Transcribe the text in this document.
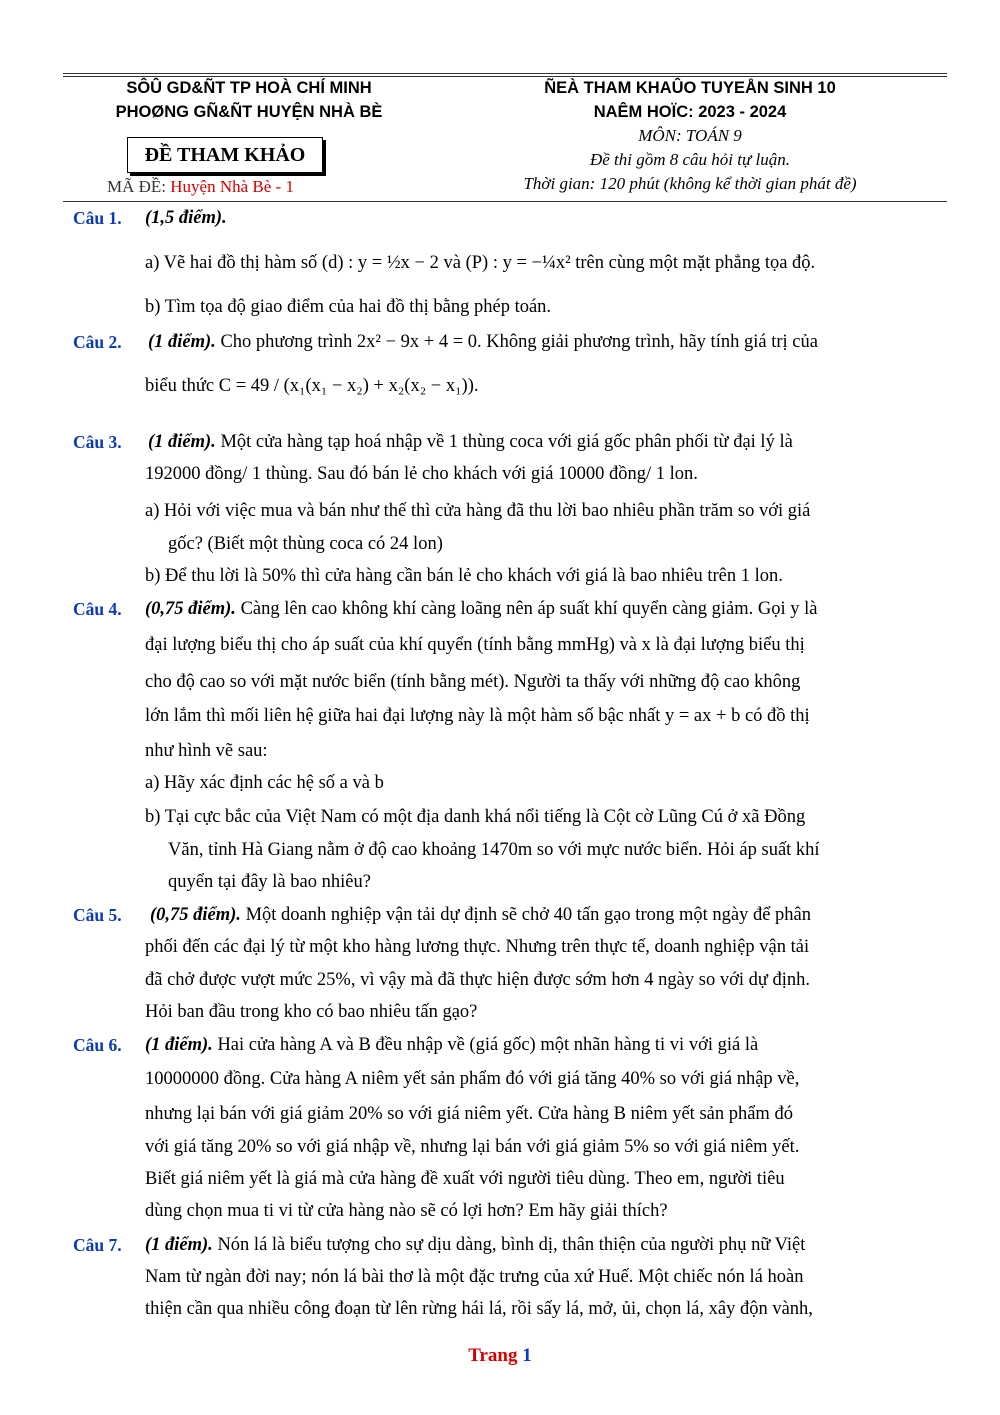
SÔÛ GD&ÑT TP HOÀ CHÍ MINH
PHOØNG GÑ&ÑT HUYỆN NHÀ BÈ
ĐỀ THAM KHẢO
MÃ ĐỀ: Huyện Nhà Bè - 1
ÑEÀ THAM KHAÛO TUYEÅN SINH 10
NAÊM HOÏC: 2023 - 2024
MÔN: TOÁN 9
Đề thi gồm 8 câu hỏi tự luận.
Thời gian: 120 phút (không kể thời gian phát đề)
Câu 1. (1,5 điểm).
a) Vẽ hai đồ thị hàm số (d) : y = ½x − 2 và (P) : y = −¼x² trên cùng một mặt phẳng tọa độ.
b) Tìm tọa độ giao điểm của hai đồ thị bằng phép toán.
Câu 2. (1 điểm). Cho phương trình 2x² − 9x + 4 = 0. Không giải phương trình, hãy tính giá trị của
biểu thức C = 49 / (x₁(x₁ − x₂) + x₂(x₂ − x₁)).
Câu 3. (1 điểm). Một cửa hàng tạp hoá nhập về 1 thùng coca với giá gốc phân phối từ đại lý là
192000 đồng/ 1 thùng. Sau đó bán lẻ cho khách với giá 10000 đồng/ 1 lon.
a) Hỏi với việc mua và bán như thế thì cửa hàng đã thu lời bao nhiêu phần trăm so với giá
gốc? (Biết một thùng coca có 24 lon)
b) Để thu lời là 50% thì cửa hàng cần bán lẻ cho khách với giá là bao nhiêu trên 1 lon.
Câu 4. (0,75 điểm). Càng lên cao không khí càng loãng nên áp suất khí quyển càng giảm. Gọi y là
đại lượng biểu thị cho áp suất của khí quyển (tính bằng mmHg) và x là đại lượng biểu thị
cho độ cao so với mặt nước biển (tính bằng mét). Người ta thấy với những độ cao không
lớn lắm thì mối liên hệ giữa hai đại lượng này là một hàm số bậc nhất y = ax + b có đồ thị
như hình vẽ sau:
a) Hãy xác định các hệ số a và b
b) Tại cực bắc của Việt Nam có một địa danh khá nổi tiếng là Cột cờ Lũng Cú ở xã Đồng
Văn, tỉnh Hà Giang nằm ở độ cao khoảng 1470m so với mực nước biển. Hỏi áp suất khí
quyển tại đây là bao nhiêu?
Câu 5. (0,75 điểm). Một doanh nghiệp vận tải dự định sẽ chở 40 tấn gạo trong một ngày để phân
phối đến các đại lý từ một kho hàng lương thực. Nhưng trên thực tế, doanh nghiệp vận tải
đã chở được vượt mức 25%, vì vậy mà đã thực hiện được sớm hơn 4 ngày so với dự định.
Hỏi ban đầu trong kho có bao nhiêu tấn gạo?
Câu 6. (1 điểm). Hai cửa hàng A và B đều nhập về (giá gốc) một nhãn hàng ti vi với giá là
10000000 đồng. Cửa hàng A niêm yết sản phẩm đó với giá tăng 40% so với giá nhập về,
nhưng lại bán với giá giảm 20% so với giá niêm yết. Cửa hàng B niêm yết sản phẩm đó
với giá tăng 20% so với giá nhập về, nhưng lại bán với giá giảm 5% so với giá niêm yết.
Biết giá niêm yết là giá mà cửa hàng đề xuất với người tiêu dùng. Theo em, người tiêu
dùng chọn mua ti vi từ cửa hàng nào sẽ có lợi hơn? Em hãy giải thích?
Câu 7. (1 điểm). Nón lá là biểu tượng cho sự dịu dàng, bình dị, thân thiện của người phụ nữ Việt
Nam từ ngàn đời nay; nón lá bài thơ là một đặc trưng của xứ Huế. Một chiếc nón lá hoàn
thiện cần qua nhiều công đoạn từ lên rừng hái lá, rồi sấy lá, mở, ủi, chọn lá, xây độn vành,
Trang 1
